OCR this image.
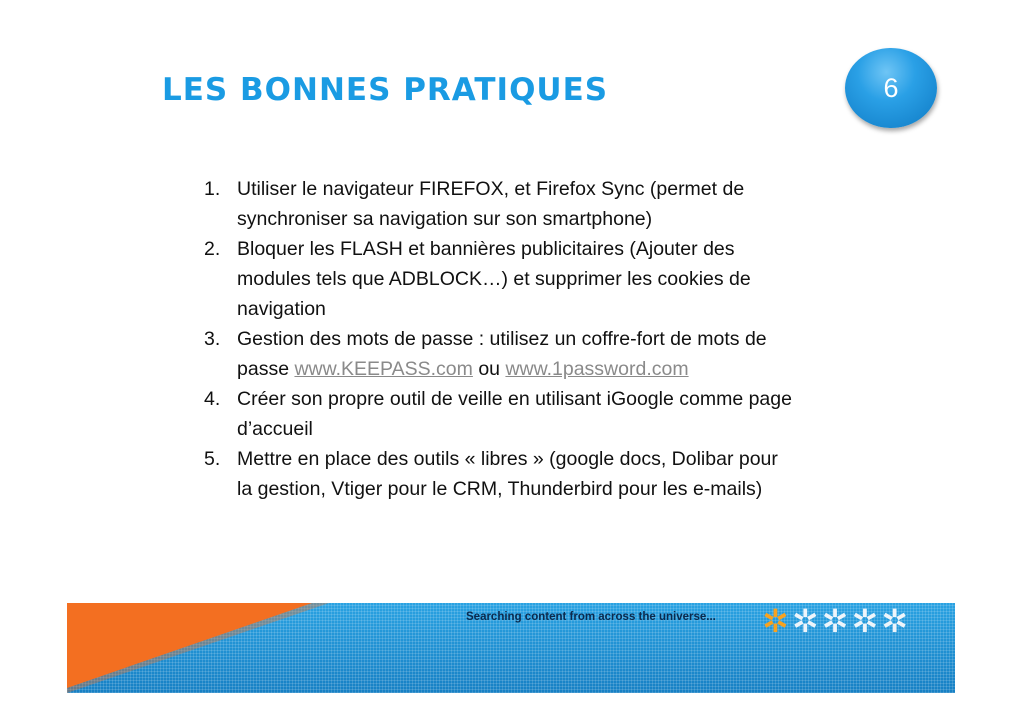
LES BONNES PRATIQUES	6
1. Utiliser le navigateur FIREFOX, et Firefox Sync (permet de
synchroniser sa navigation sur son smartphone)
2. Bloquer les FLASH et bannières publicitaires (Ajouter des
modules tels que ADBLOCK…) et supprimer les cookies de
navigation
3. Gestion des mots de passe : utilisez un coffre-fort de mots de
passe www.KEEPASS.com ou www.1password.com
4. Créer son propre outil de veille en utilisant iGoogle comme page
d’accueil
5. Mettre en place des outils « libres » (google docs, Dolibar pour
la gestion, Vtiger pour le CRM, Thunderbird pour les e-mails)
Searching content from across the universe... ✲ ✲ ✲ ✲ ✲
